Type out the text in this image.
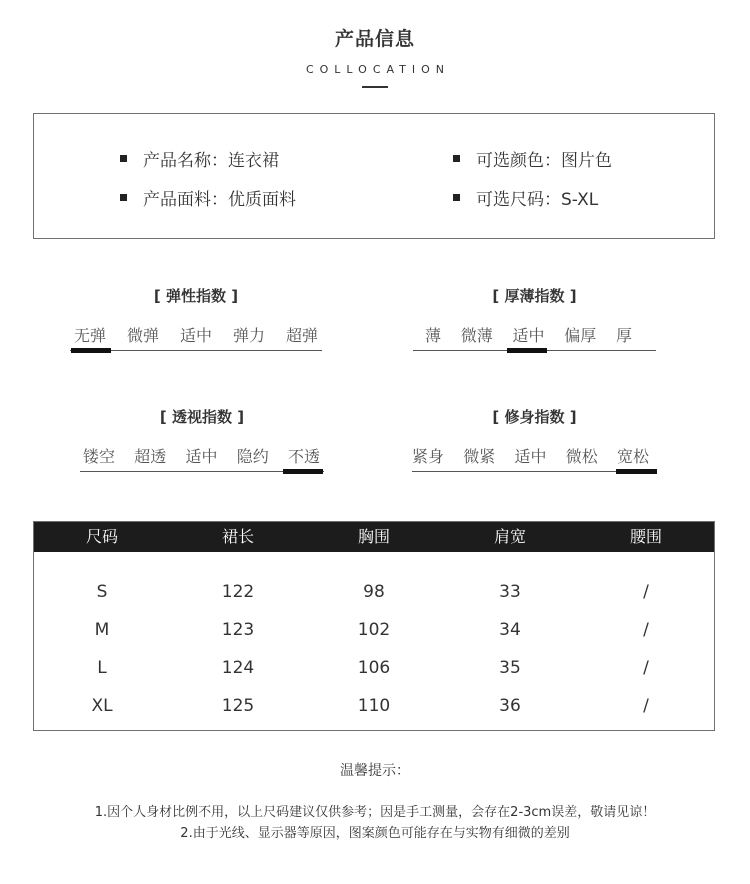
产品信息
COLLOCATION
产品名称：连衣裙
产品面料：优质面料
可选颜色：图片色
可选尺码：S-XL
[ 弹性指数 ]
无弹 微弹 适中 弹力 超弹
[ 厚薄指数 ]
薄 微薄 适中 偏厚 厚
[ 透视指数 ]
镂空 超透 适中 隐约 不透
[ 修身指数 ]
紧身 微紧 适中 微松 宽松
尺码	裙长	胸围	肩宽	腰围
S	122	98	33	/
M	123	102	34	/
L	124	106	35	/
XL	125	110	36	/
温馨提示：
1.因个人身材比例不用，以上尺码建议仅供参考；因是手工测量，会存在2-3cm误差，敬请见谅！
2.由于光线、显示器等原因，图案颜色可能存在与实物有细微的差别
